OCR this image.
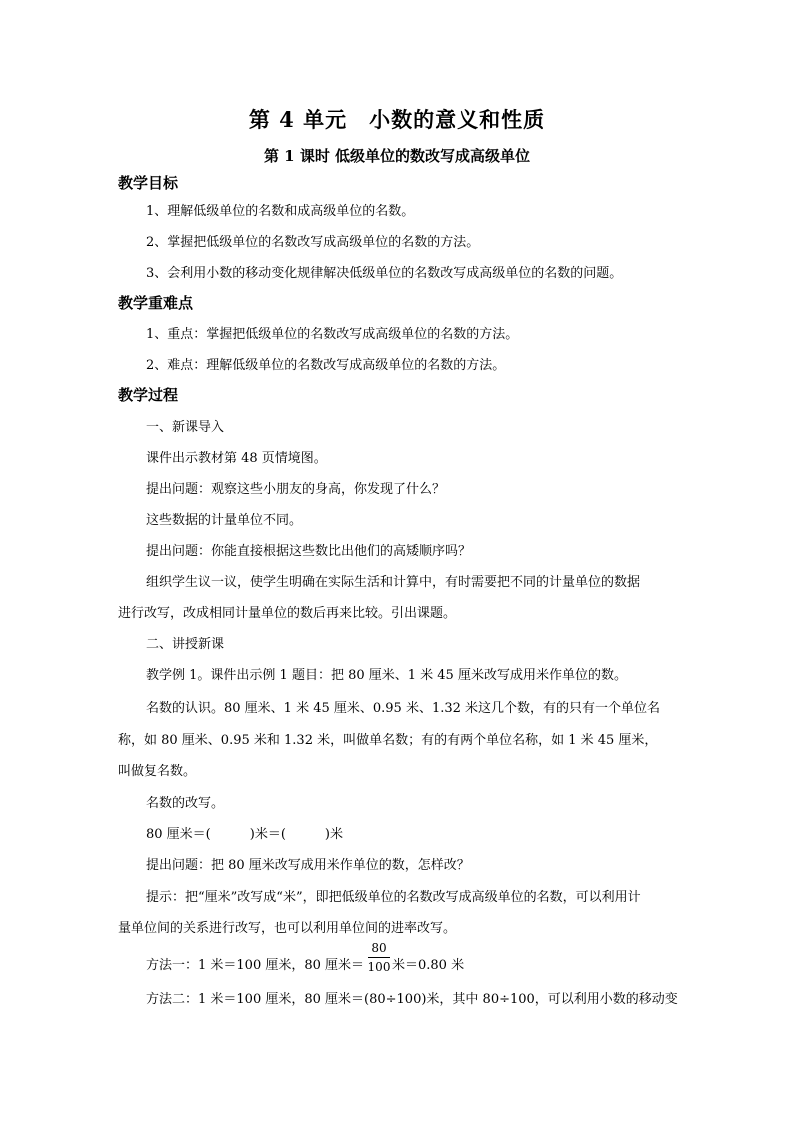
第 4 单元　小数的意义和性质
第 1 课时 低级单位的数改写成高级单位
教学目标
1、理解低级单位的名数和成高级单位的名数。
2、掌握把低级单位的名数改写成高级单位的名数的方法。
3、会利用小数的移动变化规律解决低级单位的名数改写成高级单位的名数的问题。
教学重难点
1、重点：掌握把低级单位的名数改写成高级单位的名数的方法。
2、难点：理解低级单位的名数改写成高级单位的名数的方法。
教学过程
一、新课导入
课件出示教材第 48 页情境图。
提出问题：观察这些小朋友的身高，你发现了什么？
这些数据的计量单位不同。
提出问题：你能直接根据这些数比出他们的高矮顺序吗？
组织学生议一议，使学生明确在实际生活和计算中，有时需要把不同的计量单位的数据
进行改写，改成相同计量单位的数后再来比较。引出课题。
二、讲授新课
教学例 1。课件出示例 1 题目：把 80 厘米、1 米 45 厘米改写成用米作单位的数。
名数的认识。80 厘米、1 米 45 厘米、0.95 米、1.32 米这几个数，有的只有一个单位名
称，如 80 厘米、0.95 米和 1.32 米，叫做单名数；有的有两个单位名称，如 1 米 45 厘米，
叫做复名数。
名数的改写。
80 厘米＝(　　　)米＝(　　　)米
提出问题：把 80 厘米改写成用米作单位的数，怎样改？
提示：把“厘米”改写成“米”，即把低级单位的名数改写成高级单位的名数，可以利用计
量单位间的关系进行改写，也可以利用单位间的进率改写。
方法一：1 米＝100 厘米，80 厘米＝
80
100 米＝0.80 米
方法二：1 米＝100 厘米，80 厘米＝(80÷100)米，其中 80÷100，可以利用小数的移动变
